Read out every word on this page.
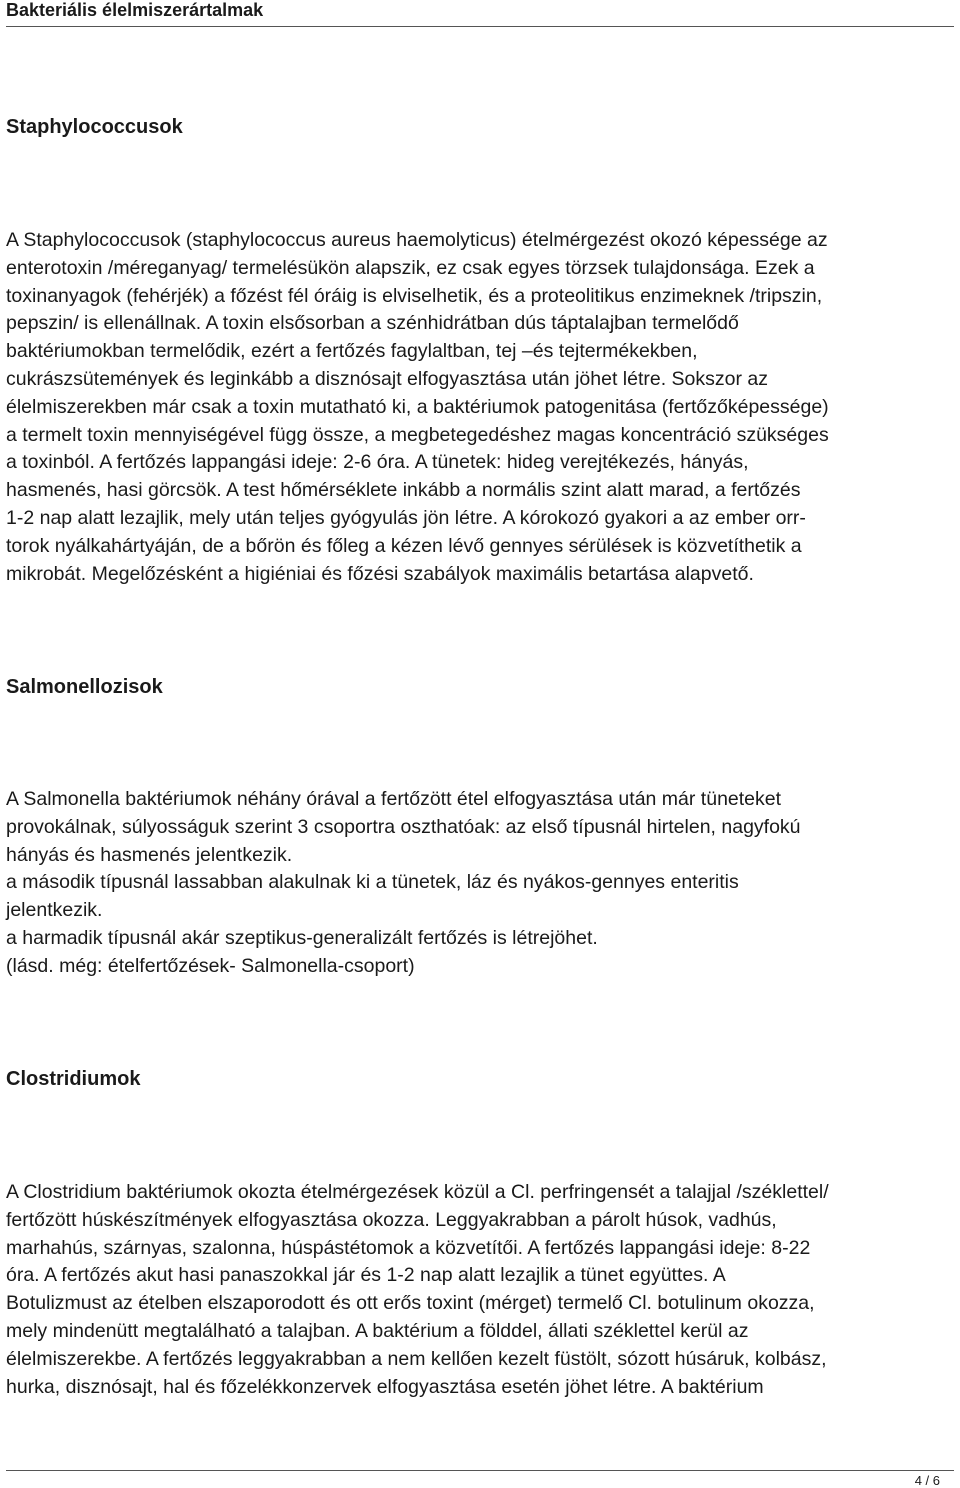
Bakteriális élelmiszerártalmak
Staphylococcusok
A Staphylococcusok (staphylococcus aureus haemolyticus) ételmérgezést okozó képessége az
enterotoxin /méreganyag/ termelésükön alapszik, ez csak egyes törzsek tulajdonsága. Ezek a
toxinanyagok (fehérjék) a főzést fél óráig is elviselhetik, és a proteolitikus enzimeknek /tripszin,
pepszin/ is ellenállnak. A toxin elsősorban a szénhidrátban dús táptalajban termelődő
baktériumokban termelődik, ezért a fertőzés fagylaltban, tej –és tejtermékekben,
cukrászsütemények és leginkább a disznósajt elfogyasztása után jöhet létre. Sokszor az
élelmiszerekben már csak a toxin mutatható ki, a baktériumok patogenitása (fertőzőképessége)
a termelt toxin mennyiségével függ össze, a megbetegedéshez magas koncentráció szükséges
a toxinból. A fertőzés lappangási ideje: 2-6 óra. A tünetek: hideg verejtékezés, hányás,
hasmenés, hasi görcsök. A test hőmérséklete inkább a normális szint alatt marad, a fertőzés
1-2 nap alatt lezajlik, mely után teljes gyógyulás jön létre. A kórokozó gyakori a az ember orr-
torok nyálkahártyáján, de a bőrön és főleg a kézen lévő gennyes sérülések is közvetíthetik a
mikrobát. Megelőzésként a higiéniai és főzési szabályok maximális betartása alapvető.
Salmonellozisok
A Salmonella baktériumok néhány órával a fertőzött étel elfogyasztása után már tüneteket
provokálnak, súlyosságuk szerint 3 csoportra oszthatóak: az első típusnál hirtelen, nagyfokú
hányás és hasmenés jelentkezik.
a második típusnál lassabban alakulnak ki a tünetek, láz és nyákos-gennyes enteritis
jelentkezik.
a harmadik típusnál akár szeptikus-generalizált fertőzés is létrejöhet.
(lásd. még: ételfertőzések- Salmonella-csoport)
Clostridiumok
A Clostridium baktériumok okozta ételmérgezések közül a Cl. perfringensét a talajjal /széklettel/
fertőzött húskészítmények elfogyasztása okozza. Leggyakrabban a párolt húsok, vadhús,
marhahús, szárnyas, szalonna, húspástétomok a közvetítői. A fertőzés lappangási ideje: 8-22
óra. A fertőzés akut hasi panaszokkal jár és 1-2 nap alatt lezajlik a tünet együttes. A
Botulizmust az ételben elszaporodott és ott erős toxint (mérget) termelő Cl. botulinum okozza,
mely mindenütt megtalálható a talajban. A baktérium a földdel, állati széklettel kerül az
élelmiszerekbe. A fertőzés leggyakrabban a nem kellően kezelt füstölt, sózott húsáruk, kolbász,
hurka, disznósajt, hal és főzelékkonzervek elfogyasztása esetén jöhet létre. A baktérium
4 / 6
